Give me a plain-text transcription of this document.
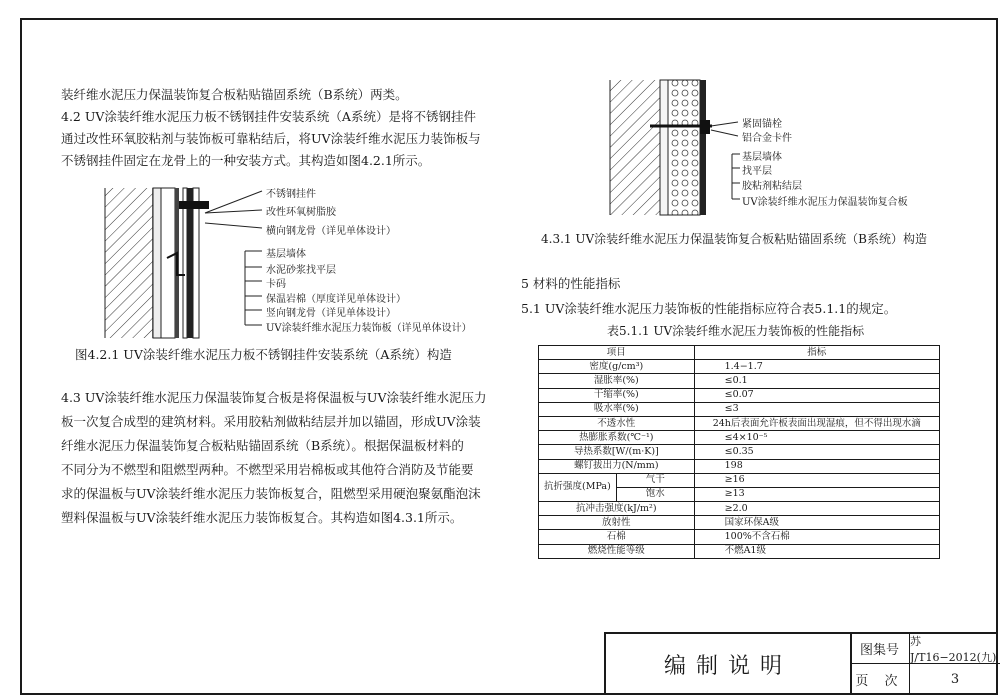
装纤维水泥压力保温装饰复合板粘贴锚固系统（B系统）两类。
4.2 UV涂装纤维水泥压力板不锈钢挂件安装系统（A系统）是将不锈钢挂件
通过改性环氧胶粘剂与装饰板可靠粘结后，将UV涂装纤维水泥压力装饰板与
不锈钢挂件固定在龙骨上的一种安装方式。其构造如图4.2.1所示。
不锈钢挂件
改性环氧树脂胶
横向钢龙骨（详见单体设计）
基层墙体
水泥砂浆找平层
卡码
保温岩棉（厚度详见单体设计）
竖向钢龙骨（详见单体设计）
UV涂装纤维水泥压力装饰板（详见单体设计）
图4.2.1 UV涂装纤维水泥压力板不锈钢挂件安装系统（A系统）构造
4.3 UV涂装纤维水泥压力保温装饰复合板是将保温板与UV涂装纤维水泥压力
板一次复合成型的建筑材料。采用胶粘剂做粘结层并加以锚固，形成UV涂装
纤维水泥压力保温装饰复合板粘贴锚固系统（B系统）。根据保温板材料的
不同分为不燃型和阻燃型两种。不燃型采用岩棉板或其他符合消防及节能要
求的保温板与UV涂装纤维水泥压力装饰板复合，阻燃型采用硬泡聚氨酯泡沫
塑料保温板与UV涂装纤维水泥压力装饰板复合。其构造如图4.3.1所示。
紧固锚栓
铝合金卡件
基层墙体
找平层
胶粘剂粘结层
UV涂装纤维水泥压力保温装饰复合板
4.3.1 UV涂装纤维水泥压力保温装饰复合板粘贴锚固系统（B系统）构造
5 材料的性能指标
5.1 UV涂装纤维水泥压力装饰板的性能指标应符合表5.1.1的规定。
表5.1.1 UV涂装纤维水泥压力装饰板的性能指标
项目		指标
密度(g/cm³)		1.4−1.7
湿胀率(%)		≤0.1
干缩率(%)		≤0.07
吸水率(%)		≤3
不透水性		24h后表面允许板表面出现湿痕，但不得出现水滴
热膨胀系数(℃⁻¹)		≤4×10⁻⁵
导热系数[W/(m·K)]		≤0.35
螺钉拔出力(N/mm)		198
抗折强度(MPa)	气干	≥16
	饱水	≥13
抗冲击强度(kJ/m²)		≥2.0
放射性		国家环保A级
石棉		100%不含石棉
燃烧性能等级		不燃A1级
编制说明
图集号
苏J/T16−2012(九)
页 次	3
